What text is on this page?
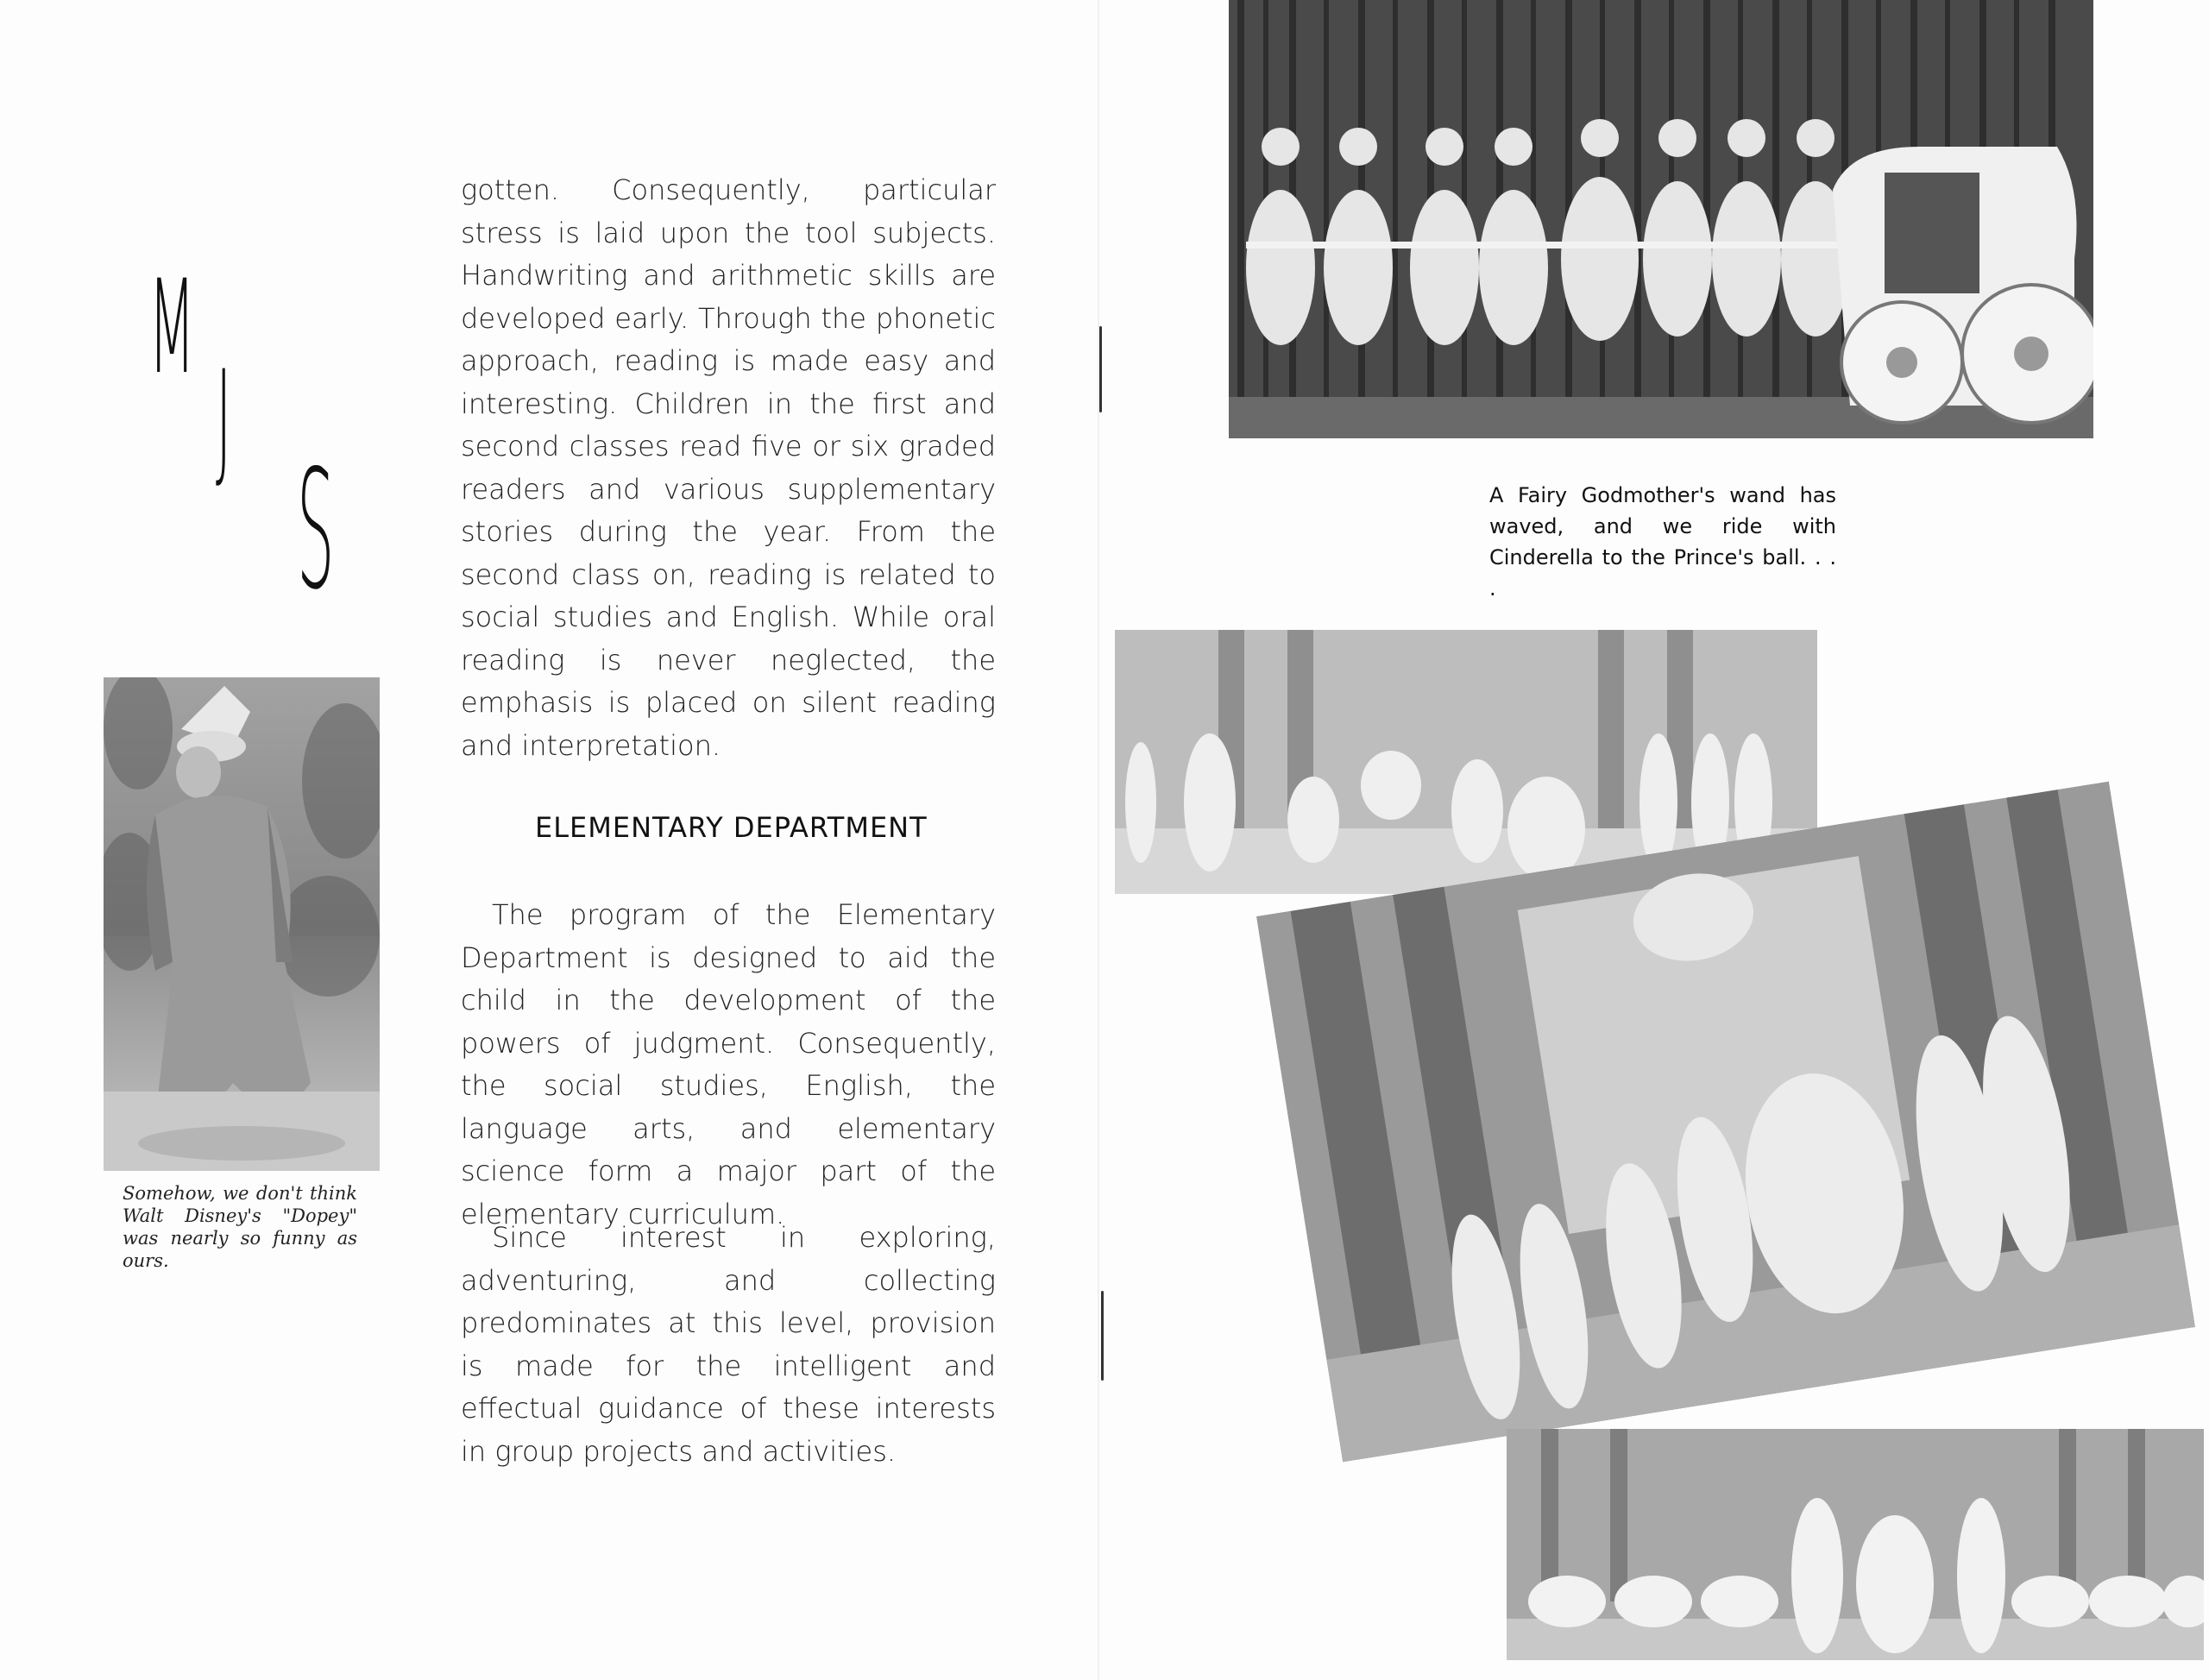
M
J
S
Somehow, we don't think Walt Disney's "Dopey" was nearly so funny as ours.

gotten. Consequently, particular stress is laid upon the tool subjects. Handwriting and arithmetic skills are developed early. Through the phonetic approach, reading is made easy and interesting. Children in the first and second classes read five or six graded readers and various supplementary stories during the year. From the second class on, reading is related to social studies and English. While oral reading is never neglected, the emphasis is placed on silent reading and interpretation.

ELEMENTARY DEPARTMENT

The program of the Elementary Department is designed to aid the child in the development of the powers of judgment. Consequently, the social studies, English, the language arts, and elementary science form a major part of the elementary curriculum.

Since interest in exploring, adventuring, and collecting predominates at this level, provision is made for the intelligent and effectual guidance of these interests in group projects and activities.

A Fairy Godmother's wand has waved, and we ride with Cinderella to the Prince's ball. . . .
